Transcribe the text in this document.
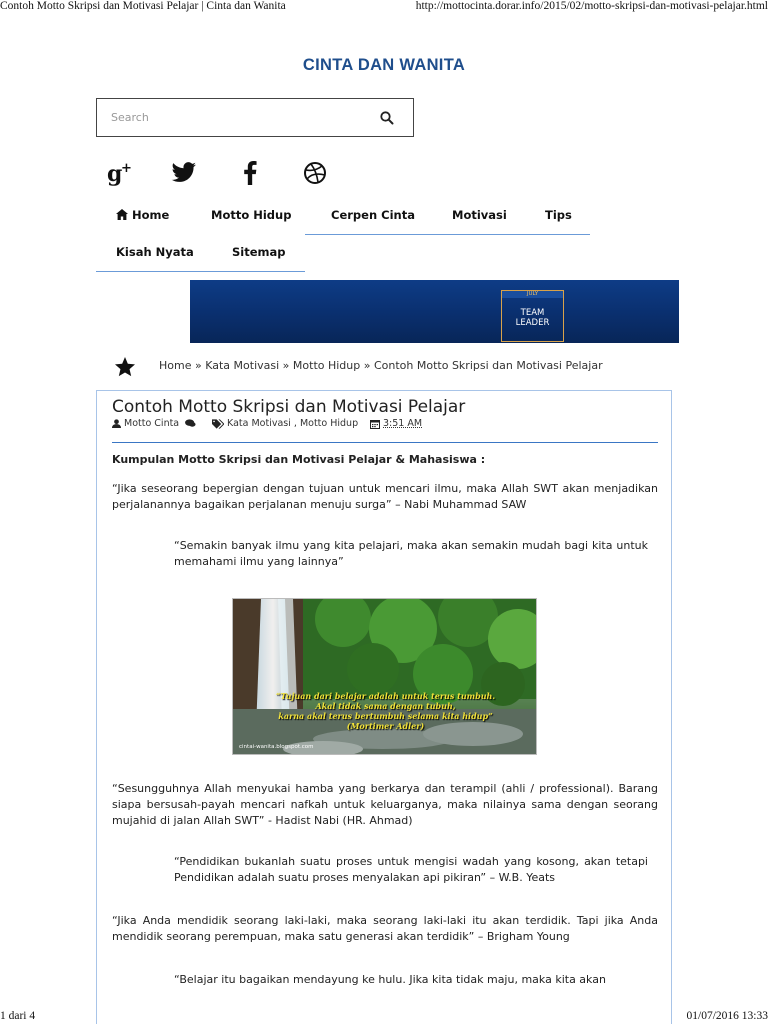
Contoh Motto Skripsi dan Motivasi Pelajar | Cinta dan Wanita	http://mottocinta.dorar.info/2015/02/motto-skripsi-dan-motivasi-pelajar.html
CINTA DAN WANITA
Search
g
+
Home	Motto Hidup	Cerpen Cinta	Motivasi	Tips
Kisah Nyata	Sitemap
JULY
TEAM
LEADER
Home » Kata Motivasi » Motto Hidup » Contoh Motto Skripsi dan Motivasi Pelajar
Contoh Motto Skripsi dan Motivasi Pelajar
Motto Cinta	Kata Motivasi
,
Motto Hidup	3:51 AM
Kumpulan Motto Skripsi dan Motivasi Pelajar & Mahasiswa :
“Jika seseorang bepergian dengan tujuan untuk mencari ilmu, maka Allah SWT akan menjadikan perjalanannya bagaikan perjalanan menuju surga” – Nabi Muhammad SAW
“Semakin banyak ilmu yang kita pelajari, maka akan semakin mudah bagi kita untuk memahami ilmu yang lainnya”
“Tujuan dari belajar adalah untuk terus tumbuh.
Akal tidak sama dengan tubuh,
karna akal terus bertumbuh selama kita hidup”
(Mortimer Adler)
cintai-wanita.blogspot.com
“Sesungguhnya Allah menyukai hamba yang berkarya dan terampil (ahli / professional). Barang siapa bersusah-payah mencari nafkah untuk keluarganya, maka nilainya sama dengan seorang mujahid di jalan Allah SWT” - Hadist Nabi (HR. Ahmad)
“Pendidikan bukanlah suatu proses untuk mengisi wadah yang kosong, akan tetapi Pendidikan adalah suatu proses menyalakan api pikiran” – W.B. Yeats
“Jika Anda mendidik seorang laki-laki, maka seorang laki-laki itu akan terdidik. Tapi jika Anda mendidik seorang perempuan, maka satu generasi akan terdidik” – Brigham Young
“Belajar itu bagaikan mendayung ke hulu. Jika kita tidak maju, maka kita akan
1 dari 4	01/07/2016 13:33
